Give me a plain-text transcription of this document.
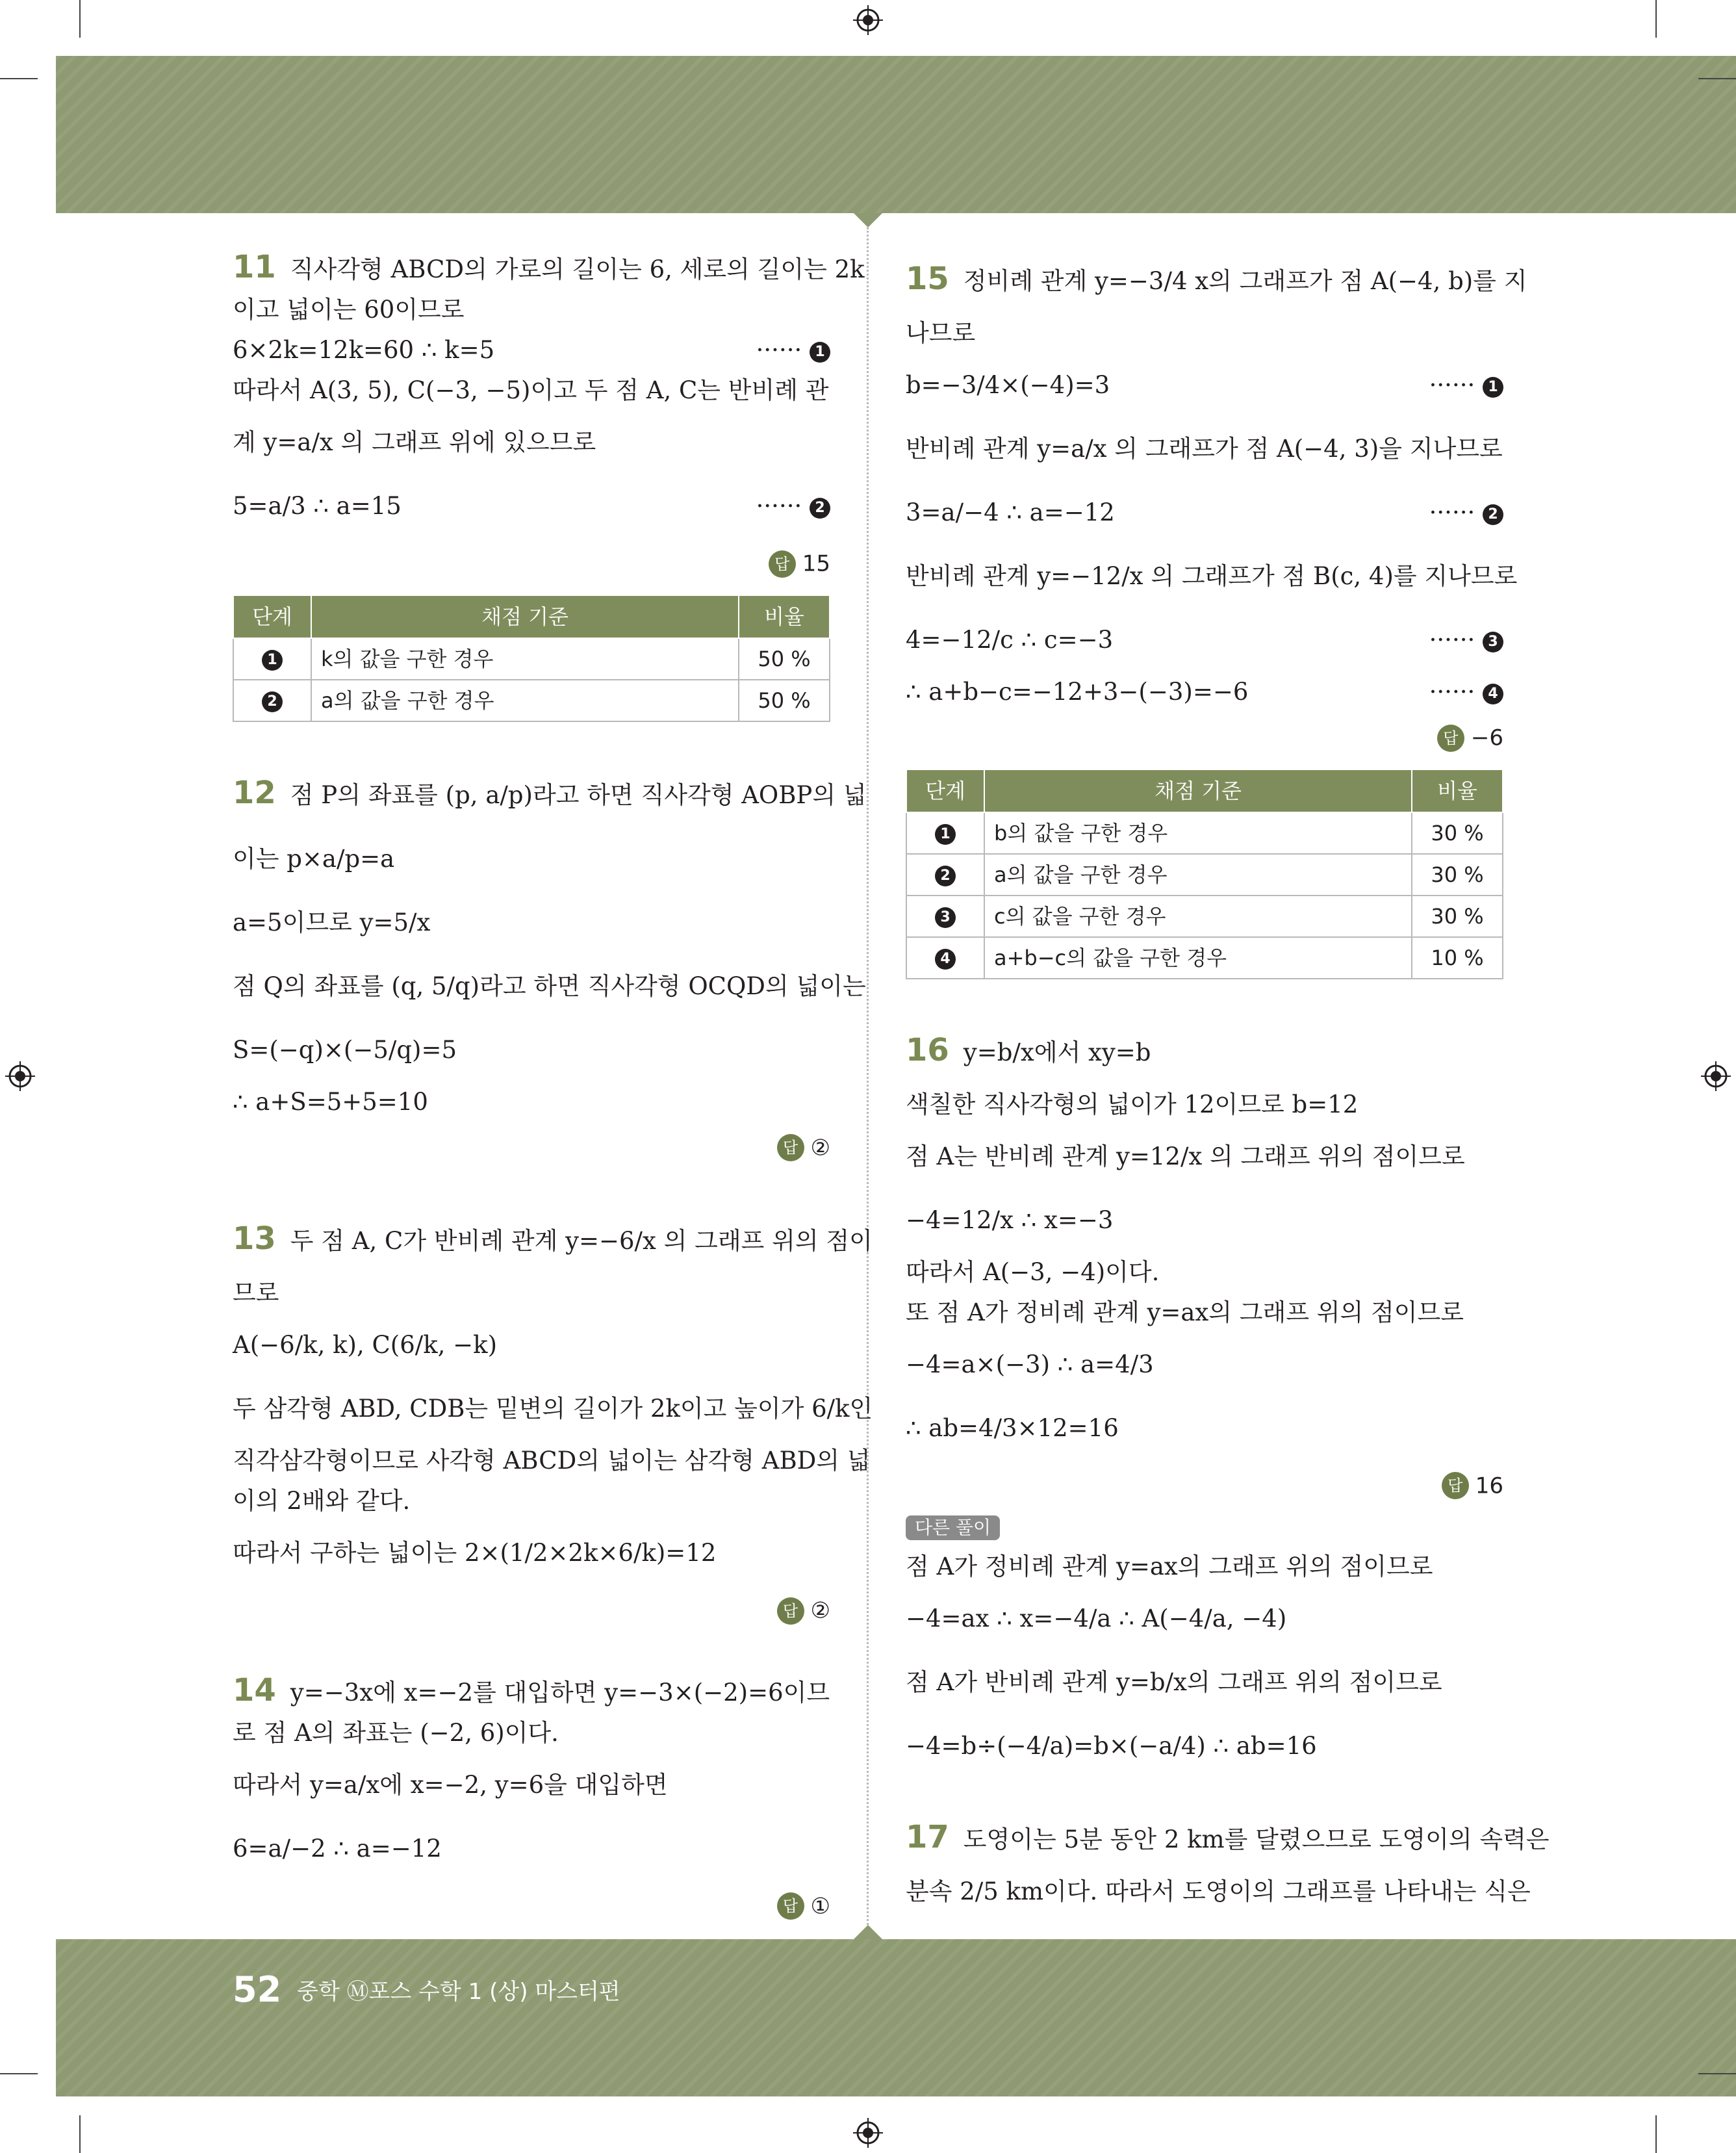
11 직사각형 ABCD의 가로의 길이는 6, 세로의 길이는 2k
이고 넓이는 60이므로
6×2k=12k=60 ∴ k=5	······ 1
따라서 A(3, 5), C(−3, −5)이고 두 점 A, C는 반비례 관
계 y=a/x 의 그래프 위에 있으므로
5=a/3 ∴ a=15	······ 2
답 15
단계	채점 기준	비율
1	k의 값을 구한 경우	50 %
2	a의 값을 구한 경우	50 %
12 점 P의 좌표를 (p, a/p)라고 하면 직사각형 AOBP의 넓
이는 p×a/p=a
a=5이므로 y=5/x
점 Q의 좌표를 (q, 5/q)라고 하면 직사각형 OCQD의 넓이는
S=(−q)×(−5/q)=5
∴ a+S=5+5=10
답 ②
13 두 점 A, C가 반비례 관계 y=−6/x 의 그래프 위의 점이
므로
A(−6/k, k), C(6/k, −k)
두 삼각형 ABD, CDB는 밑변의 길이가 2k이고 높이가 6/k인
직각삼각형이므로 사각형 ABCD의 넓이는 삼각형 ABD의 넓
이의 2배와 같다.
따라서 구하는 넓이는 2×(1/2×2k×6/k)=12
답 ②
14 y=−3x에 x=−2를 대입하면 y=−3×(−2)=6이므
로 점 A의 좌표는 (−2, 6)이다.
따라서 y=a/x에 x=−2, y=6을 대입하면
6=a/−2 ∴ a=−12
답 ①
15 정비례 관계 y=−3/4 x의 그래프가 점 A(−4, b)를 지
나므로
b=−3/4×(−4)=3	······ 1
반비례 관계 y=a/x 의 그래프가 점 A(−4, 3)을 지나므로
3=a/−4 ∴ a=−12	······ 2
반비례 관계 y=−12/x 의 그래프가 점 B(c, 4)를 지나므로
4=−12/c ∴ c=−3	······ 3
∴ a+b−c=−12+3−(−3)=−6	······ 4
답 −6
단계	채점 기준	비율
1	b의 값을 구한 경우	30 %
2	a의 값을 구한 경우	30 %
3	c의 값을 구한 경우	30 %
4	a+b−c의 값을 구한 경우	10 %
16 y=b/x에서 xy=b
색칠한 직사각형의 넓이가 12이므로 b=12
점 A는 반비례 관계 y=12/x 의 그래프 위의 점이므로
−4=12/x ∴ x=−3
따라서 A(−3, −4)이다.
또 점 A가 정비례 관계 y=ax의 그래프 위의 점이므로
−4=a×(−3) ∴ a=4/3
∴ ab=4/3×12=16
답 16
다른 풀이
점 A가 정비례 관계 y=ax의 그래프 위의 점이므로
−4=ax ∴ x=−4/a ∴ A(−4/a, −4)
점 A가 반비례 관계 y=b/x의 그래프 위의 점이므로
−4=b÷(−4/a)=b×(−a/4) ∴ ab=16
17 도영이는 5분 동안 2 km를 달렸으므로 도영이의 속력은
분속 2/5 km이다. 따라서 도영이의 그래프를 나타내는 식은
52 중학 Ⓜ포스 수학 1 (상) 마스터편
